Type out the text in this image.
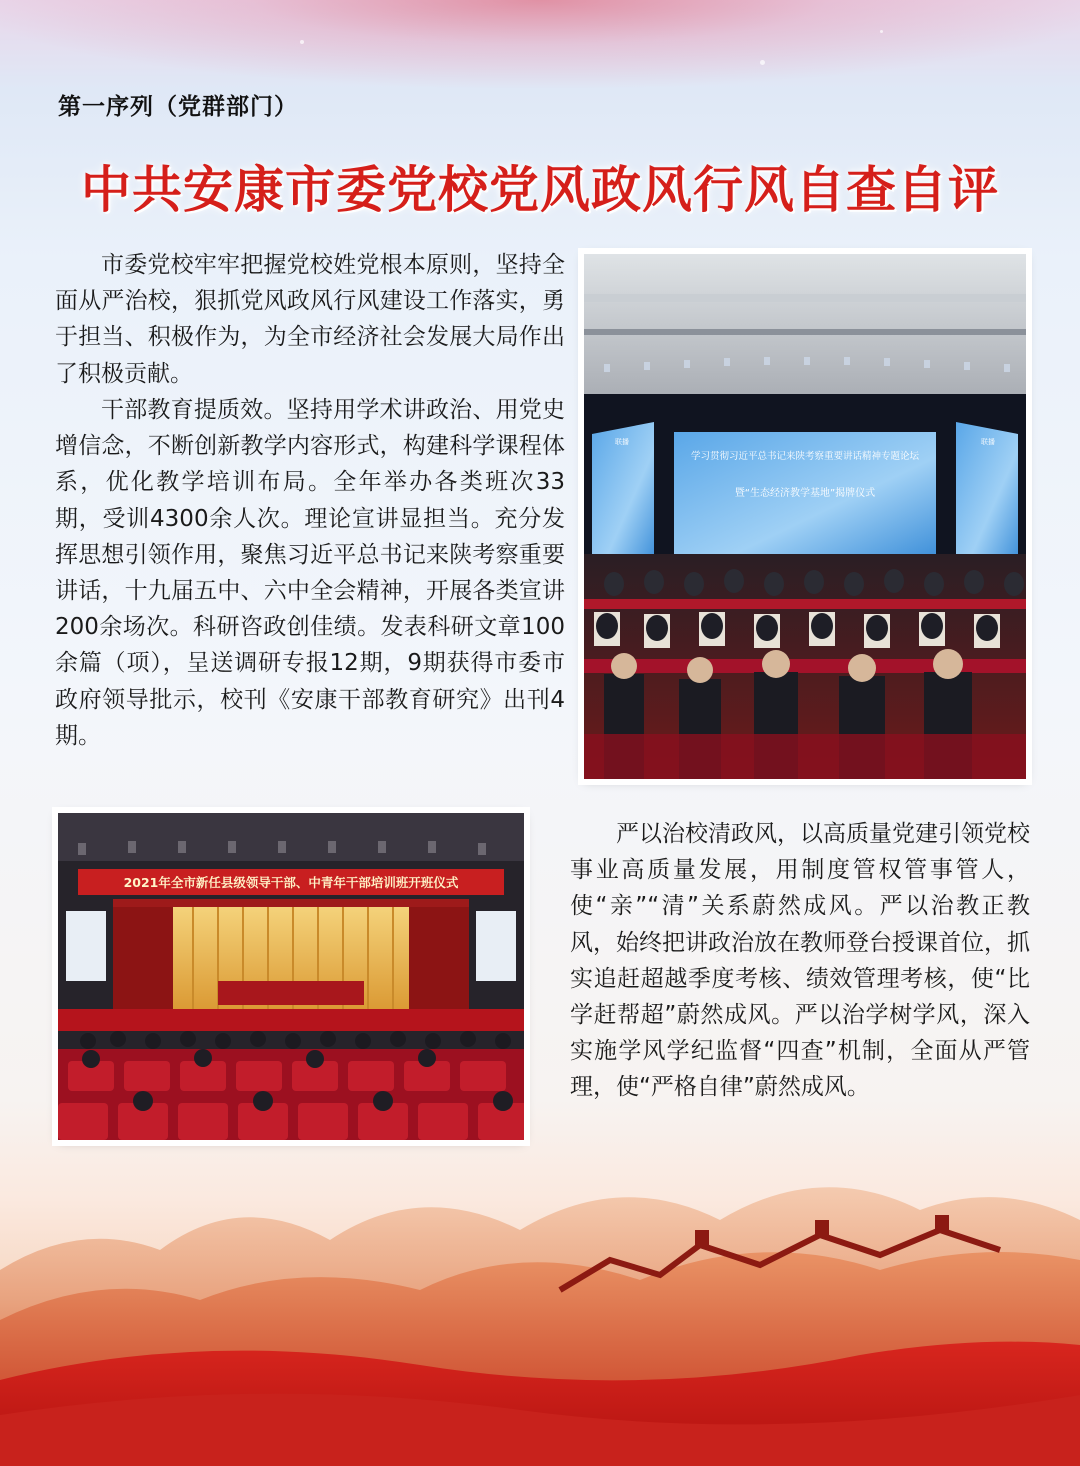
第一序列（党群部门）
中共安康市委党校党风政风行风自查自评

市委党校牢牢把握党校姓党根本原则，坚持全面从严治校，狠抓党风政风行风建设工作落实，勇于担当、积极作为，为全市经济社会发展大局作出了积极贡献。

干部教育提质效。坚持用学术讲政治、用党史增信念，不断创新教学内容形式，构建科学课程体系，优化教学培训布局。全年举办各类班次33期，受训4300余人次。理论宣讲显担当。充分发挥思想引领作用，聚焦习近平总书记来陕考察重要讲话，十九届五中、六中全会精神，开展各类宣讲200余场次。科研咨政创佳绩。发表科研文章100余篇（项），呈送调研专报12期，9期获得市委市政府领导批示，校刊《安康干部教育研究》出刊4期。

学习贯彻习近平总书记来陕考察重要讲话精神专题论坛
暨“生态经济教学基地”揭牌仪式
联播	联播
2021年全市新任县级领导干部、中青年干部培训班开班仪式

严以治校清政风，以高质量党建引领党校事业高质量发展，用制度管权管事管人，使“亲”“清”关系蔚然成风。严以治教正教风，始终把讲政治放在教师登台授课首位，抓实追赶超越季度考核、绩效管理考核，使“比学赶帮超”蔚然成风。严以治学树学风，深入实施学风学纪监督“四查”机制，全面从严管理，使“严格自律”蔚然成风。
